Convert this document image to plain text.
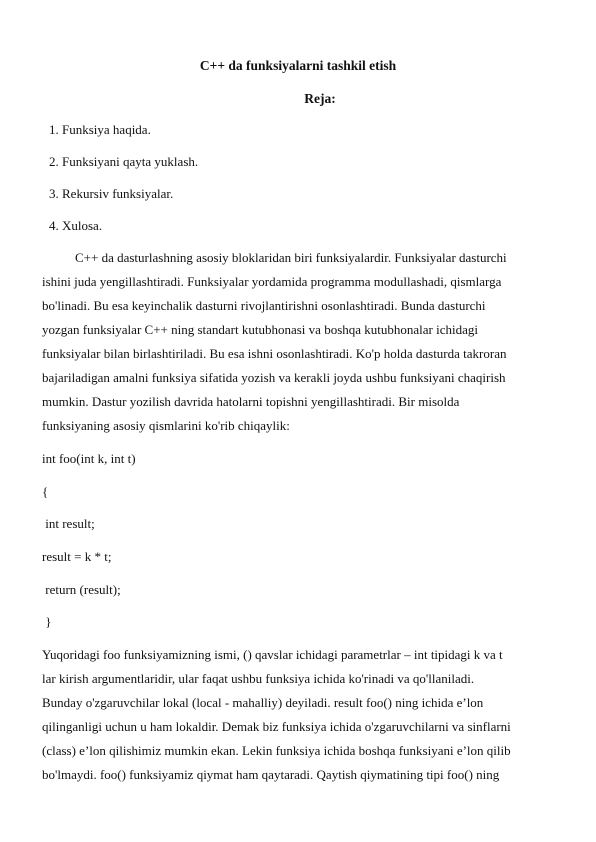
C++ da funksiyalarni tashkil etish
Reja:
1. Funksiya haqida.
2. Funksiyani qayta yuklash.
3. Rekursiv funksiyalar.
4. Xulosa.
C++ da dasturlashning asosiy bloklaridan biri funksiyalardir. Funksiyalar dasturchi
ishini juda yengillashtiradi. Funksiyalar yordamida programma modullashadi, qismlarga
bo'linadi. Bu esa keyinchalik dasturni rivojlantirishni osonlashtiradi. Bunda dasturchi
yozgan funksiyalar C++ ning standart kutubhonasi va boshqa kutubhonalar ichidagi
funksiyalar bilan birlashtiriladi. Bu esa ishni osonlashtiradi. Ko'p holda dasturda takroran
bajariladigan amalni funksiya sifatida yozish va kerakli joyda ushbu funksiyani chaqirish
mumkin. Dastur yozilish davrida hatolarni topishni yengillashtiradi. Bir misolda
funksiyaning asosiy qismlarini ko'rib chiqaylik:
int foo(int k, int t)
{
int result;
result = k * t;
return (result);
}
Yuqoridagi foo funksiyamizning ismi, () qavslar ichidagi parametrlar – int tipidagi k va t
lar kirish argumentlaridir, ular faqat ushbu funksiya ichida ko'rinadi va qo'llaniladi.
Bunday o'zgaruvchilar lokal (local - mahalliy) deyiladi. result foo() ning ichida e’lon
qilinganligi uchun u ham lokaldir. Demak biz funksiya ichida o'zgaruvchilarni va sinflarni
(class) e’lon qilishimiz mumkin ekan. Lekin funksiya ichida boshqa funksiyani e’lon qilib
bo'lmaydi. foo() funksiyamiz qiymat ham qaytaradi. Qaytish qiymatining tipi foo() ning
